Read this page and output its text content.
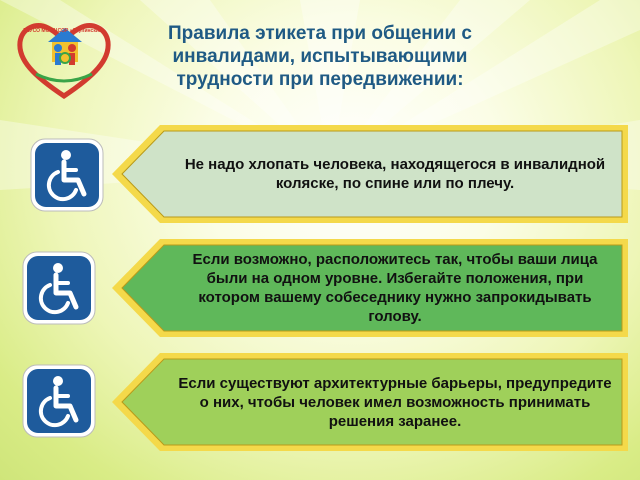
ГБУСО МО КЦСОР «Ступинский»	Правила этикета при общении с инвалидами, испытывающими трудности при передвижении:
Не надо хлопать человека, находящегося в инвалидной коляске, по спине или по плечу.
Если возможно, расположитесь так, чтобы ваши лица были на одном уровне. Избегайте положения, при котором вашему собеседнику нужно запрокидывать голову.
Если существуют архитектурные барьеры, предупредите о них, чтобы человек имел возможность принимать решения заранее.
